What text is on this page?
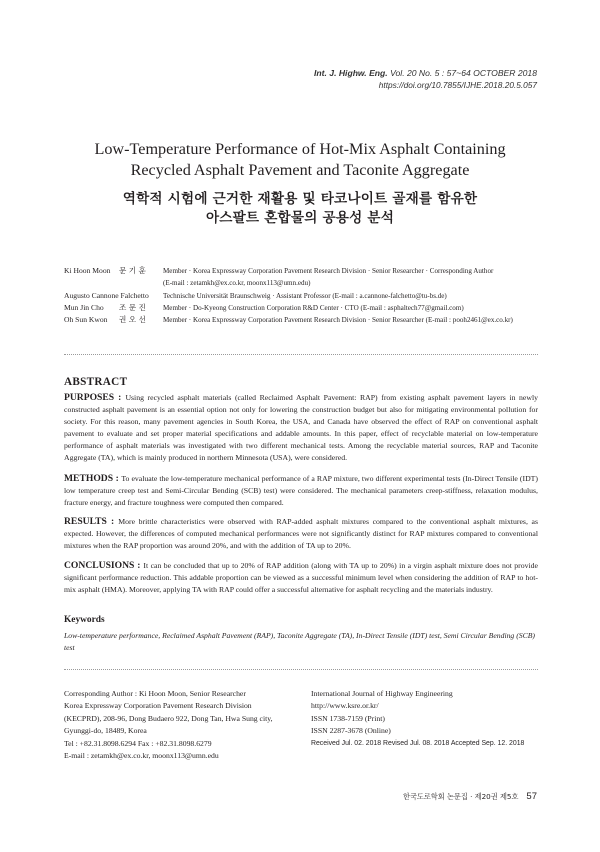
Int. J. Highw. Eng. Vol. 20 No. 5 : 57~64 OCTOBER 2018
https://doi.org/10.7855/IJHE.2018.20.5.057
Low-Temperature Performance of Hot-Mix Asphalt Containing
Recycled Asphalt Pavement and Taconite Aggregate
역학적 시험에 근거한 재활용 및 타코나이트 골재를 함유한
아스팔트 혼합물의 공용성 분석
Ki Hoon Moon	문 기 훈	Member · Korea Expressway Corporation Pavement Research Division · Senior Researcher · Corresponding Author
(E-mail : zetamkh@ex.co.kr, moonx113@umn.edu)
Augusto Cannone Falchetto	Technische Universität Braunschweig · Assistant Professor (E-mail : a.cannone-falchetto@tu-bs.de)
Mun Jin Cho	조 문 진	Member · Do-Kyeong Construction Corporation R&D Center · CTO (E-mail : asphaltech77@gmail.com)
Oh Sun Kwon	권 오 선	Member · Korea Expressway Corporation Pavement Research Division · Senior Researcher (E-mail : pooh2461@ex.co.kr)
ABSTRACT
PURPOSES : Using recycled asphalt materials (called Reclaimed Asphalt Pavement: RAP) from existing asphalt pavement layers in newly constructed asphalt pavement is an essential option not only for lowering the construction budget but also for mitigating environmental pollution for society. For this reason, many pavement agencies in South Korea, the USA, and Canada have observed the effect of RAP on conventional asphalt pavement to evaluate and set proper material specifications and addable amounts. In this paper, effect of recyclable material on low-temperature performance of asphalt materials was investigated with two different mechanical tests. Among the recyclable material sources, RAP and Taconite Aggregate (TA), which is mainly produced in northern Minnesota (USA), were considered.
METHODS : To evaluate the low-temperature mechanical performance of a RAP mixture, two different experimental tests (In-Direct Tensile (IDT) low temperature creep test and Semi-Circular Bending (SCB) test) were considered. The mechanical parameters creep-stiffness, relaxation modulus, fracture energy, and fracture toughness were computed then compared.
RESULTS : More brittle characteristics were observed with RAP-added asphalt mixtures compared to the conventional asphalt mixtures, as expected. However, the differences of computed mechanical performances were not significantly distinct for RAP mixtures compared to conventional mixtures when the RAP proportion was around 20%, and with the addition of TA up to 20%.
CONCLUSIONS : It can be concluded that up to 20% of RAP addition (along with TA up to 20%) in a virgin asphalt mixture does not provide significant performance reduction. This addable proportion can be viewed as a successful minimum level when considering the addition of RAP to hot-mix asphalt (HMA). Moreover, applying TA with RAP could offer a successful alternative for asphalt recycling and the materials industry.
Keywords
Low-temperature performance, Reclaimed Asphalt Pavement (RAP), Taconite Aggregate (TA), In-Direct Tensile (IDT) test, Semi Circular Bending (SCB) test
Corresponding Author : Ki Hoon Moon, Senior Researcher
Korea Expressway Corporation Pavement Research Division
(KECPRD), 208-96, Dong Budaero 922, Dong Tan, Hwa Sung city,
Gyunggi-do, 18489, Korea
Tel : +82.31.8098.6294 Fax : +82.31.8098.6279
E-mail : zetamkh@ex.co.kr, moonx113@umn.edu
International Journal of Highway Engineering
http://www.ksre.or.kr/
ISSN 1738-7159 (Print)
ISSN 2287-3678 (Online)
Received Jul. 02. 2018 Revised Jul. 08. 2018 Accepted Sep. 12. 2018
한국도로학회 논문집 · 제20권 제5호 57
